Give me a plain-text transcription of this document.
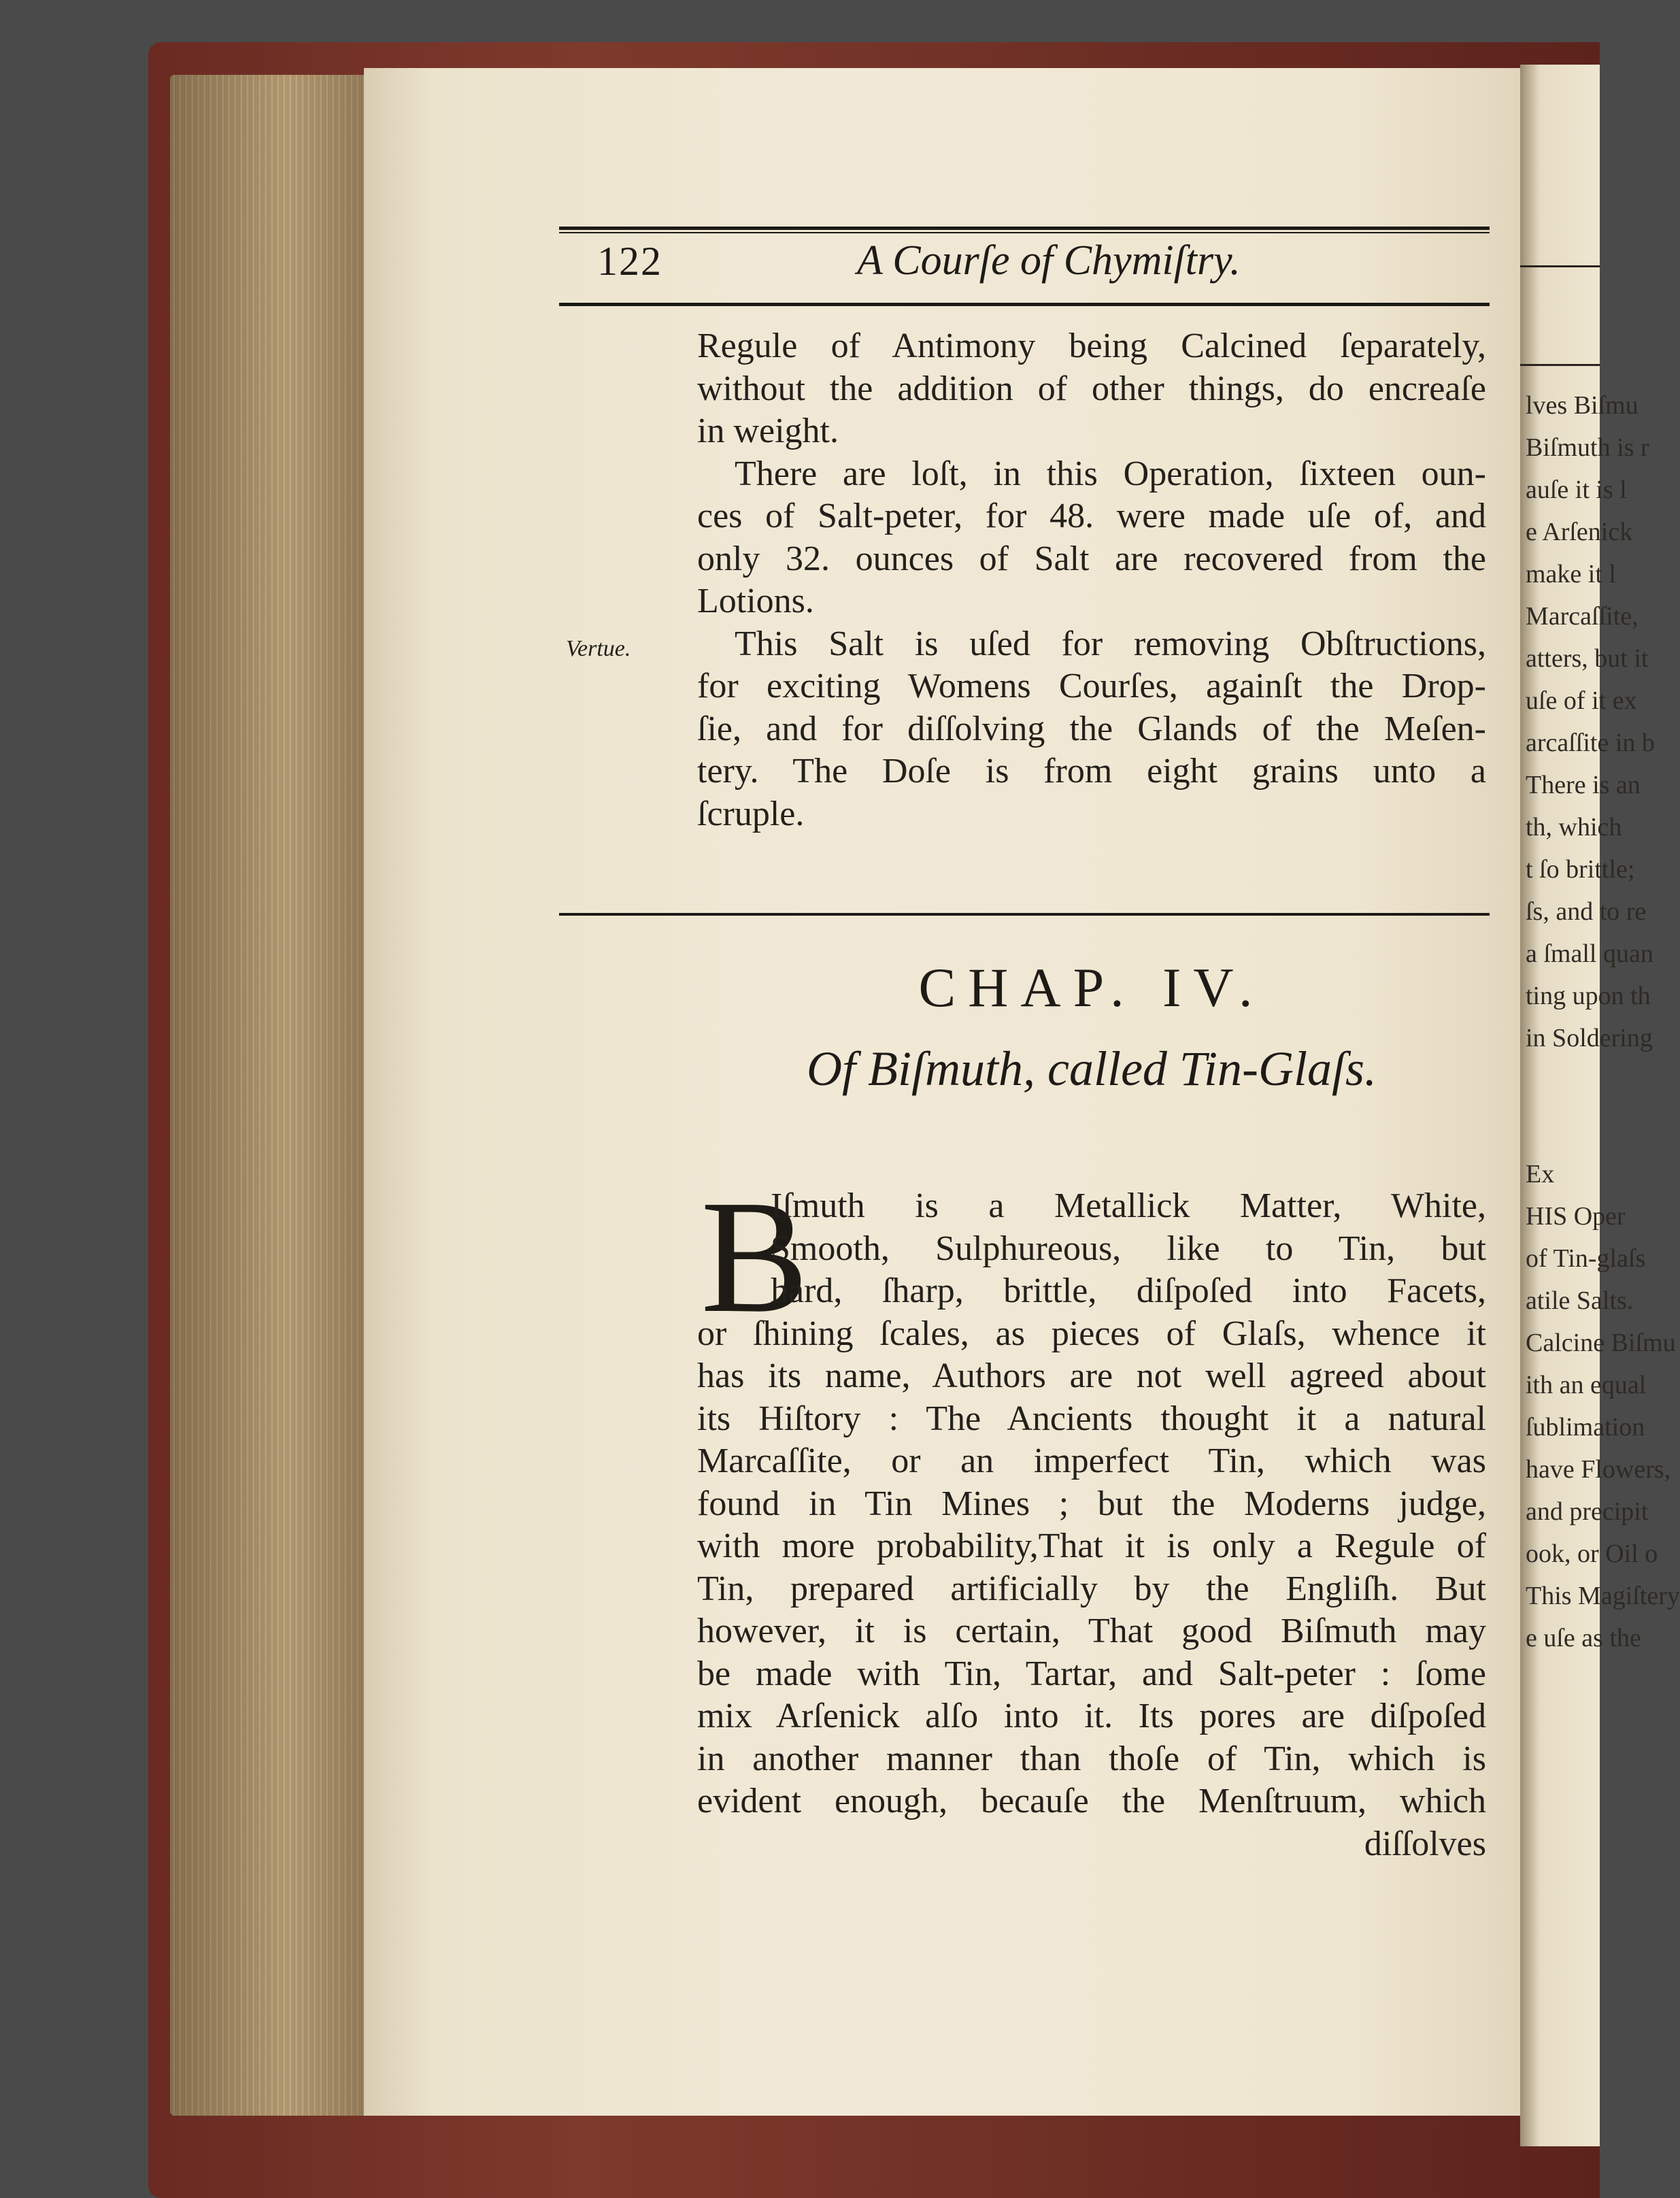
lves Biſmu
Biſmuth is r
auſe it is l
e Arſenick
make it l
Marcaſſite,
atters, but it
uſe of it ex
arcaſſite in b
There is an
th, which
t ſo brittle;
ſs, and to re
a ſmall quan
ting upon th
in Soldering
Ex
HIS Oper
of Tin-glaſs
atile Salts.
Calcine Biſmu
ith an equal
ſublimation
have Flowers,
and precipit
ook, or Oil o
This Magiſtery
e uſe as the
122	A Courſe of Chymiſtry.
Regule of Antimony being Calcined ſeparately,
without the addition of other things, do encreaſe
in weight.
There are loſt, in this Operation, ſixteen oun-
ces of Salt-peter, for 48. were made uſe of, and
only 32. ounces of Salt are recovered from the
Lotions.
This Salt is uſed for removing Obſtructions,
for exciting Womens Courſes, againſt the Drop-
ſie, and for diſſolving the Glands of the Meſen-
tery. The Doſe is from eight grains unto a
ſcruple.
Vertue.
CHAP. IV.
Of Biſmuth, called Tin-Glaſs.
B
Iſmuth is a Metallick Matter, White,
Smooth, Sulphureous, like to Tin, but
hard, ſharp, brittle, diſpoſed into Facets,
or ſhining ſcales, as pieces of Glaſs, whence it
has its name, Authors are not well agreed about
its Hiſtory : The Ancients thought it a natural
Marcaſſite, or an imperfect Tin, which was
found in Tin Mines ; but the Moderns judge,
with more probability,That it is only a Regule of
Tin, prepared artificially by the Engliſh. But
however, it is certain, That good Biſmuth may
be made with Tin, Tartar, and Salt-peter : ſome
mix Arſenick alſo into it. Its pores are diſpoſed
in another manner than thoſe of Tin, which is
evident enough, becauſe the Menſtruum, which
diſſolves
